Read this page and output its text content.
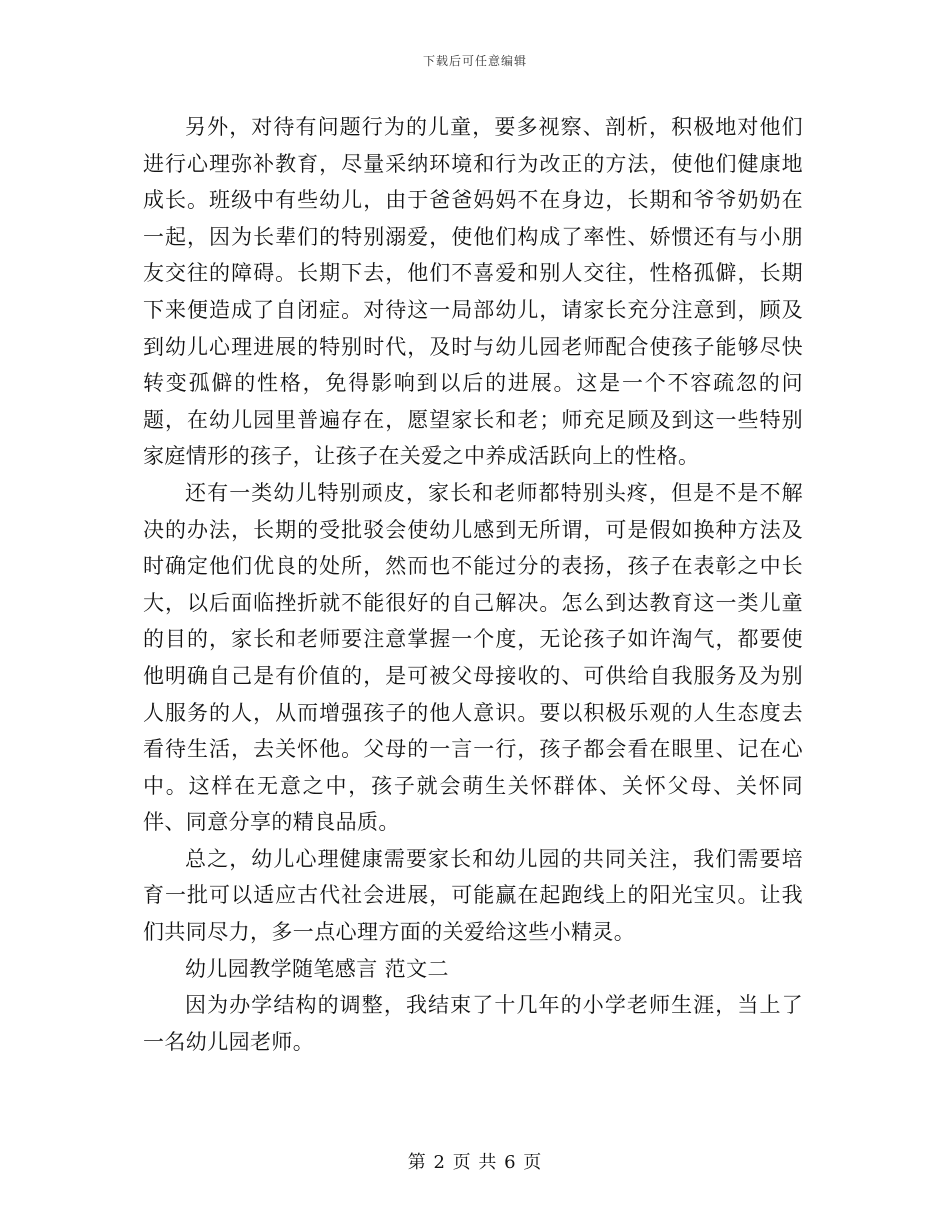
下载后可任意编辑

另外，对待有问题行为的儿童，要多视察、剖析，积极地对他们进行心理弥补教育，尽量采纳环境和行为改正的方法，使他们健康地成长。班级中有些幼儿，由于爸爸妈妈不在身边，长期和爷爷奶奶在一起，因为长辈们的特别溺爱，使他们构成了率性、娇惯还有与小朋友交往的障碍。长期下去，他们不喜爱和别人交往，性格孤僻，长期下来便造成了自闭症。对待这一局部幼儿，请家长充分注意到，顾及到幼儿心理进展的特别时代，及时与幼儿园老师配合使孩子能够尽快转变孤僻的性格，免得影响到以后的进展。这是一个不容疏忽的问题，在幼儿园里普遍存在，愿望家长和老；师充足顾及到这一些特别家庭情形的孩子，让孩子在关爱之中养成活跃向上的性格。

还有一类幼儿特别顽皮，家长和老师都特别头疼，但是不是不解决的办法，长期的受批驳会使幼儿感到无所谓，可是假如换种方法及时确定他们优良的处所，然而也不能过分的表扬，孩子在表彰之中长大，以后面临挫折就不能很好的自己解决。怎么到达教育这一类儿童的目的，家长和老师要注意掌握一个度，无论孩子如许淘气，都要使他明确自己是有价值的，是可被父母接收的、可供给自我服务及为别人服务的人，从而增强孩子的他人意识。要以积极乐观的人生态度去看待生活，去关怀他。父母的一言一行，孩子都会看在眼里、记在心中。这样在无意之中，孩子就会萌生关怀群体、关怀父母、关怀同伴、同意分享的精良品质。

总之，幼儿心理健康需要家长和幼儿园的共同关注，我们需要培育一批可以适应古代社会进展，可能赢在起跑线上的阳光宝贝。让我们共同尽力，多一点心理方面的关爱给这些小精灵。

幼儿园教学随笔感言 范文二

因为办学结构的调整，我结束了十几年的小学老师生涯，当上了一名幼儿园老师。

第 2 页 共 6 页
